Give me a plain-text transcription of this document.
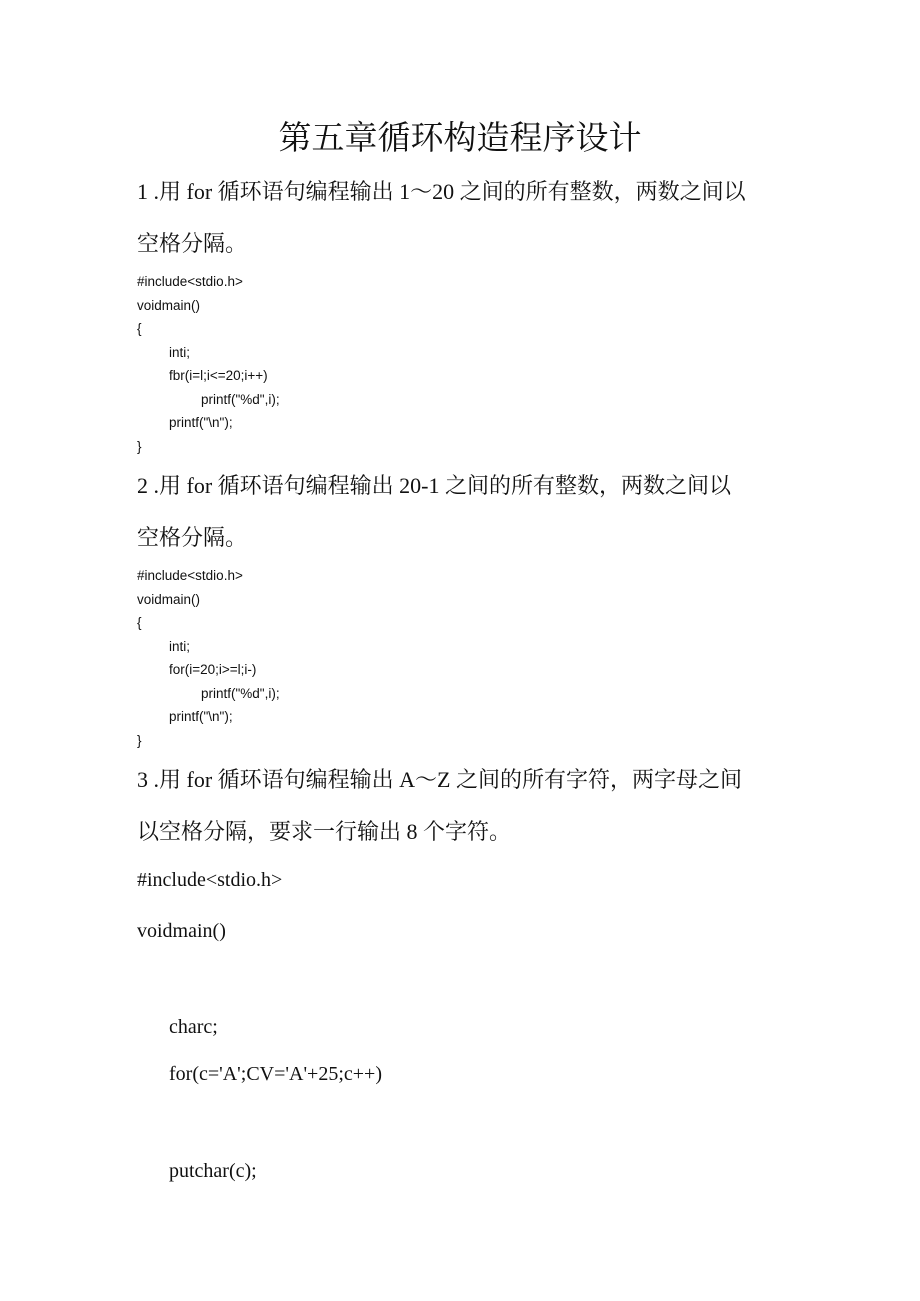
第五章循环构造程序设计
1 .用 for 循环语句编程输出 1～20 之间的所有整数，两数之间以
空格分隔。
#include<stdio.h>
voidmain()
{
inti;
fbr(i=l;i<=20;i++)
printf("%d",i);
printf("\n");
}
2 .用 for 循环语句编程输出 20-1 之间的所有整数，两数之间以
空格分隔。
#include<stdio.h>
voidmain()
{
inti;
for(i=20;i>=l;i-)
printf("%d",i);
printf("\n");
}
3 .用 for 循环语句编程输出 A～Z 之间的所有字符，两字母之间
以空格分隔，要求一行输出 8 个字符。
#include<stdio.h>
voidmain()
charc;
for(c='A';CV='A'+25;c++)
putchar(c);
